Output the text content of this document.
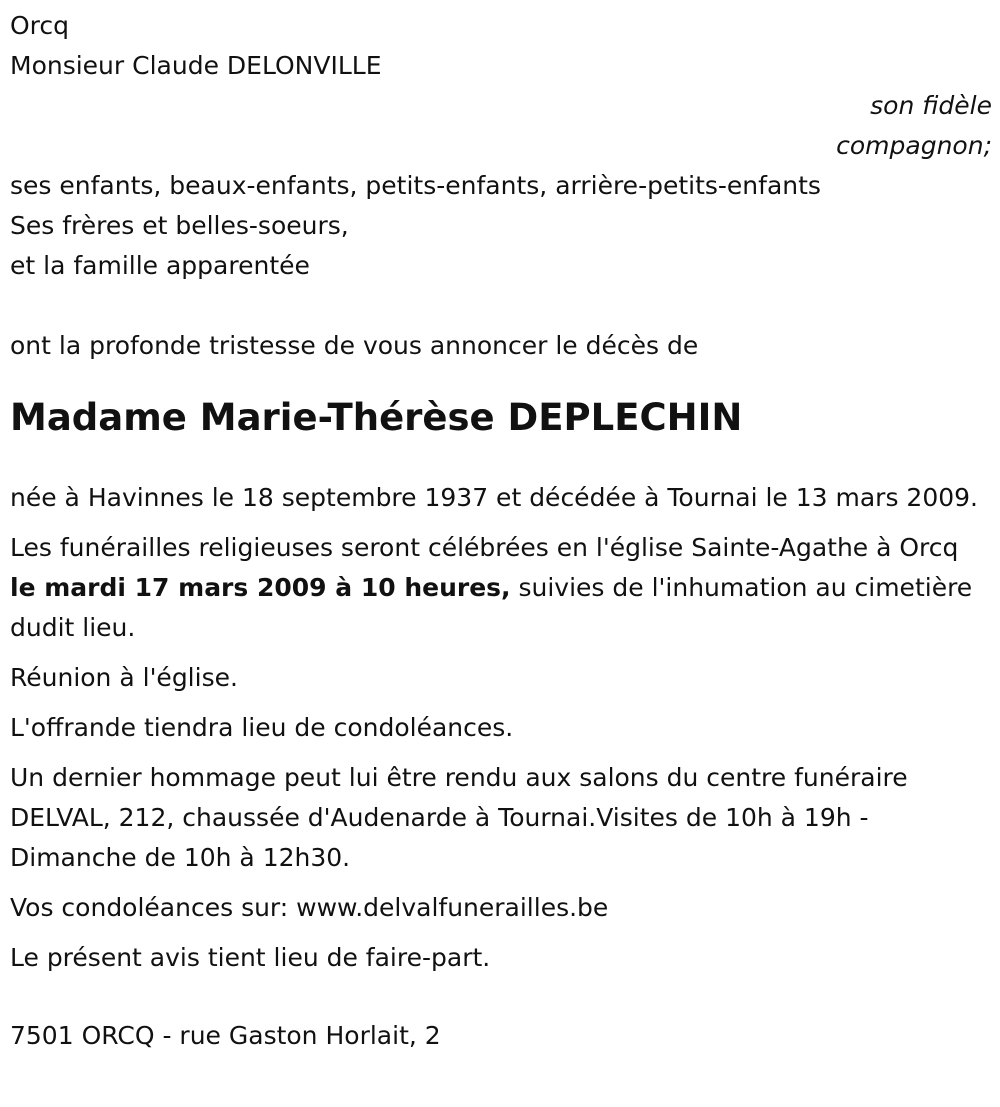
Orcq
Monsieur Claude DELONVILLE
son fidèle
compagnon;
ses enfants, beaux-enfants, petits-enfants, arrière-petits-enfants
Ses frères et belles-soeurs,
et la famille apparentée
ont la profonde tristesse de vous annoncer le décès de
Madame Marie-Thérèse DEPLECHIN

née à Havinnes le 18 septembre 1937 et décédée à Tournai le 13 mars 2009.

Les funérailles religieuses seront célébrées en l'église Sainte-Agathe à Orcq le mardi 17 mars 2009 à 10 heures, suivies de l'inhumation au cimetière dudit lieu.

Réunion à l'église.

L'offrande tiendra lieu de condoléances.

Un dernier hommage peut lui être rendu aux salons du centre funéraire DELVAL, 212, chaussée d'Audenarde à Tournai.Visites de 10h à 19h - Dimanche de 10h à 12h30.

Vos condoléances sur: www.delvalfunerailles.be

Le présent avis tient lieu de faire-part.

7501 ORCQ - rue Gaston Horlait, 2
